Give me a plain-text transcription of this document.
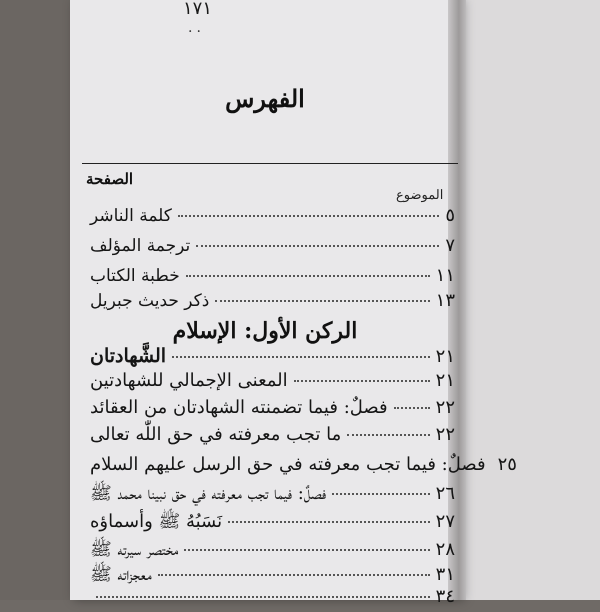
١٧١
..
الفهرس
الركن الأول: الإسلام
الصفحة
الموضوع
كلمة الناشر	٥
ترجمة المؤلف	٧
خطبة الكتاب	١١
ذكر حديث جبريل	١٣
الشَّهادتان	٢١
المعنى الإجمالي للشهادتين	٢١
فصلٌ: فيما تضمنته الشهادتان من العقائد	٢٢
ما تجب معرفته في حق اللّٰه تعالى	٢٢
فصلٌ: فيما تجب معرفته في حق الرسل عليهم السلام ٢٥
فصلٌ: فيما تجب معرفته في حق نبينا محمد ﷺ	٢٦
نَسَبُهُ ﷺ وأسماؤه	٢٧
مختصر سيرته ﷺ	٢٨
معجزاته ﷺ	٣١
٣٤
